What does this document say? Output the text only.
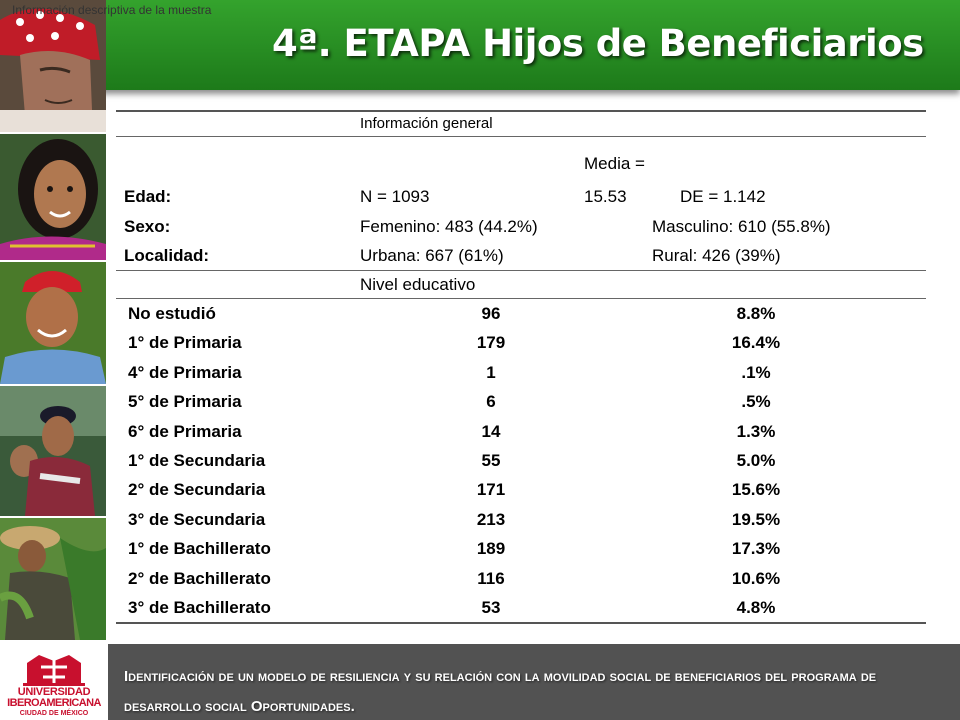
4ª. ETAPA Hijos de Beneficiarios
Información descriptiva de la muestra
Información general
Media =
Edad:	N = 1093	15.53	DE = 1.142
Sexo:	Femenino: 483 (44.2%)	Masculino: 610 (55.8%)
Localidad:	Urbana: 667 (61%)	Rural: 426 (39%)
Nivel educativo
No estudió	96	8.8%
1° de Primaria	179	16.4%
4° de Primaria	1	.1%
5° de Primaria	6	.5%
6° de Primaria	14	1.3%
1° de Secundaria	55	5.0%
2° de Secundaria	171	15.6%
3° de Secundaria	213	19.5%
1° de Bachillerato	189	17.3%
2° de Bachillerato	116	10.6%
3° de Bachillerato	53	4.8%
UNIVERSIDAD
IBEROAMERICANA
CIUDAD DE MÉXICO
Identificación de un modelo de resiliencia y su relación con la movilidad social de beneficiarios del programa de desarrollo social Oportunidades.
